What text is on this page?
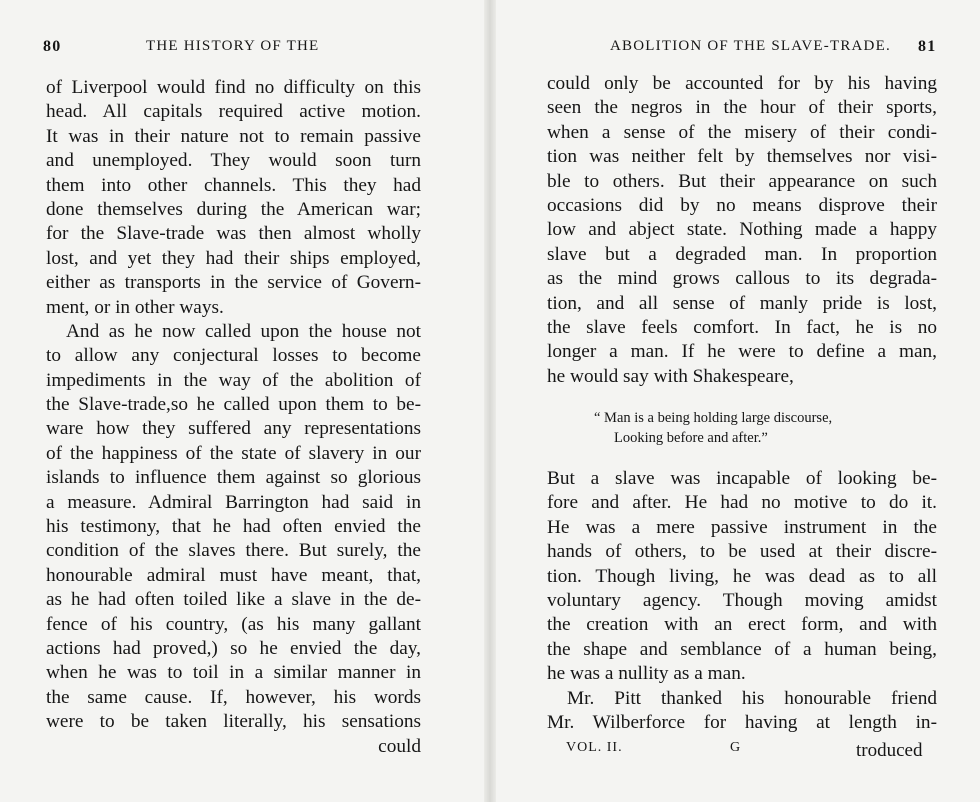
80	THE HISTORY OF THE
of Liverpool would find no difficulty on this
head. All capitals required active motion.
It was in their nature not to remain passive
and unemployed. They would soon turn
them into other channels. This they had
done themselves during the American war;
for the Slave-trade was then almost wholly
lost, and yet they had their ships employed,
either as transports in the service of Govern-
ment, or in other ways.
And as he now called upon the house not
to allow any conjectural losses to become
impediments in the way of the abolition of
the Slave-trade,so he called upon them to be-
ware how they suffered any representations
of the happiness of the state of slavery in our
islands to influence them against so glorious
a measure. Admiral Barrington had said in
his testimony, that he had often envied the
condition of the slaves there. But surely, the
honourable admiral must have meant, that,
as he had often toiled like a slave in the de-
fence of his country, (as his many gallant
actions had proved,) so he envied the day,
when he was to toil in a similar manner in
the same cause. If, however, his words
were to be taken literally, his sensations
could
ABOLITION OF THE SLAVE-TRADE. 81
could only be accounted for by his having
seen the negros in the hour of their sports,
when a sense of the misery of their condi-
tion was neither felt by themselves nor visi-
ble to others. But their appearance on such
occasions did by no means disprove their
low and abject state. Nothing made a happy
slave but a degraded man. In proportion
as the mind grows callous to its degrada-
tion, and all sense of manly pride is lost,
the slave feels comfort. In fact, he is no
longer a man. If he were to define a man,
he would say with Shakespeare,
“ Man is a being holding large discourse,
Looking before and after.”
But a slave was incapable of looking be-
fore and after. He had no motive to do it.
He was a mere passive instrument in the
hands of others, to be used at their discre-
tion. Though living, he was dead as to all
voluntary agency. Though moving amidst
the creation with an erect form, and with
the shape and semblance of a human being,
he was a nullity as a man.
Mr. Pitt thanked his honourable friend
Mr. Wilberforce for having at length in-
VOL. II.	G	troduced
